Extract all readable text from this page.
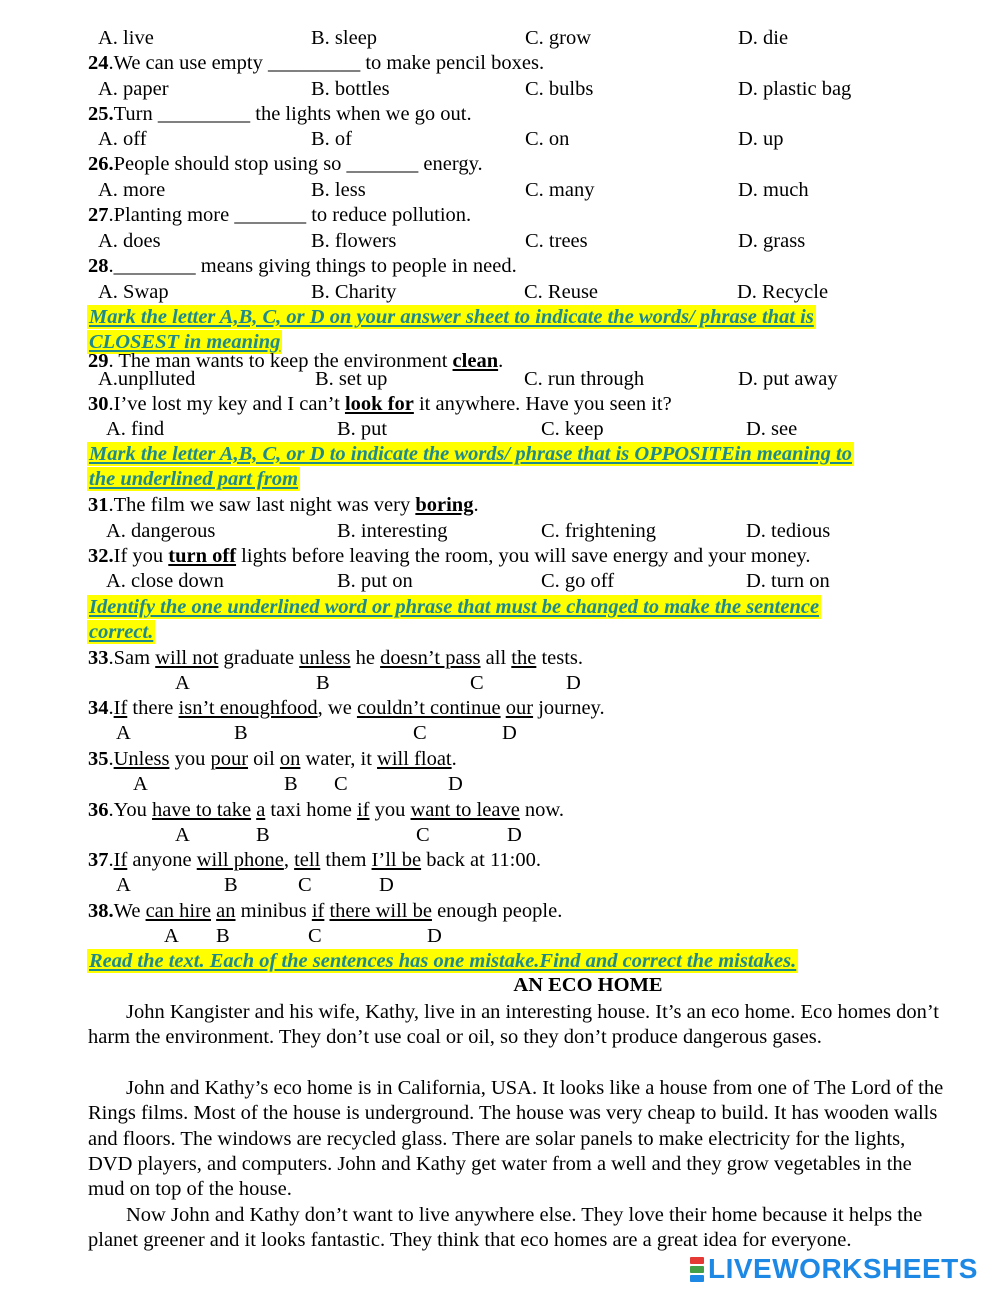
A. live	B. sleep	C. grow	D. die
24.We can use empty _________ to make pencil boxes.
A. paper	B. bottles	C. bulbs	D. plastic bag
25.Turn _________ the lights when we go out.
A. off	B. of	C. on	D. up
26.People should stop using so _______ energy.
A. more	B. less	C. many	D. much
27.Planting more _______ to reduce pollution.
A. does	B. flowers	C. trees	D. grass
28.________ means giving things to people in need.
A. Swap	B. Charity	C. Reuse	D. Recycle
Mark the letter A,B, C, or D on your answer sheet to indicate the words/ phrase that is
CLOSEST in meaning
29. The man wants to keep the environment clean.
A.unplluted	B. set up	C. run through	D. put away
30.I’ve lost my key and I can’t look for it anywhere. Have you seen it?
A. find	B. put	C. keep	D. see
Mark the letter A,B, C, or D to indicate the words/ phrase that is OPPOSITEin meaning to
the underlined part from
31.The film we saw last night was very boring.
A. dangerous	B. interesting	C. frightening	D. tedious
32.If you turn off lights before leaving the room, you will save energy and your money.
A. close down	B. put on	C. go off	D. turn on
Identify the one underlined word or phrase that must be changed to make the sentence
correct.
33.Sam will not graduate unless he doesn’t pass all the tests.
A	B	C	D
34.If there isn’t enoughfood, we couldn’t continue our journey.
A	B	C	D
35.Unless you pour oil on water, it will float.
A	B C	D
36.You have to take a taxi home if you want to leave now.
A	B	C	D
37.If anyone will phone, tell them I’ll be back at 11:00.
A	B	C	D
38.We can hire an minibus if there will be enough people.
A B	C	D
Read the text. Each of the sentences has one mistake.Find and correct the mistakes.
AN ECO HOME
John Kangister and his wife, Kathy, live in an interesting house. It’s an eco home. Eco homes don’t harm the environment. They don’t use coal or oil, so they don’t produce dangerous gases.
John and Kathy’s eco home is in California, USA. It looks like a house from one of The Lord of the Rings films. Most of the house is underground. The house was very cheap to build. It has wooden walls and floors. The windows are recycled glass. There are solar panels to make electricity for the lights, DVD players, and computers. John and Kathy get water from a well and they grow vegetables in the mud on top of the house.
Now John and Kathy don’t want to live anywhere else. They love their home because it helps the planet greener and it looks fantastic. They think that eco homes are a great idea for everyone.
LIVEWORKSHEETS
